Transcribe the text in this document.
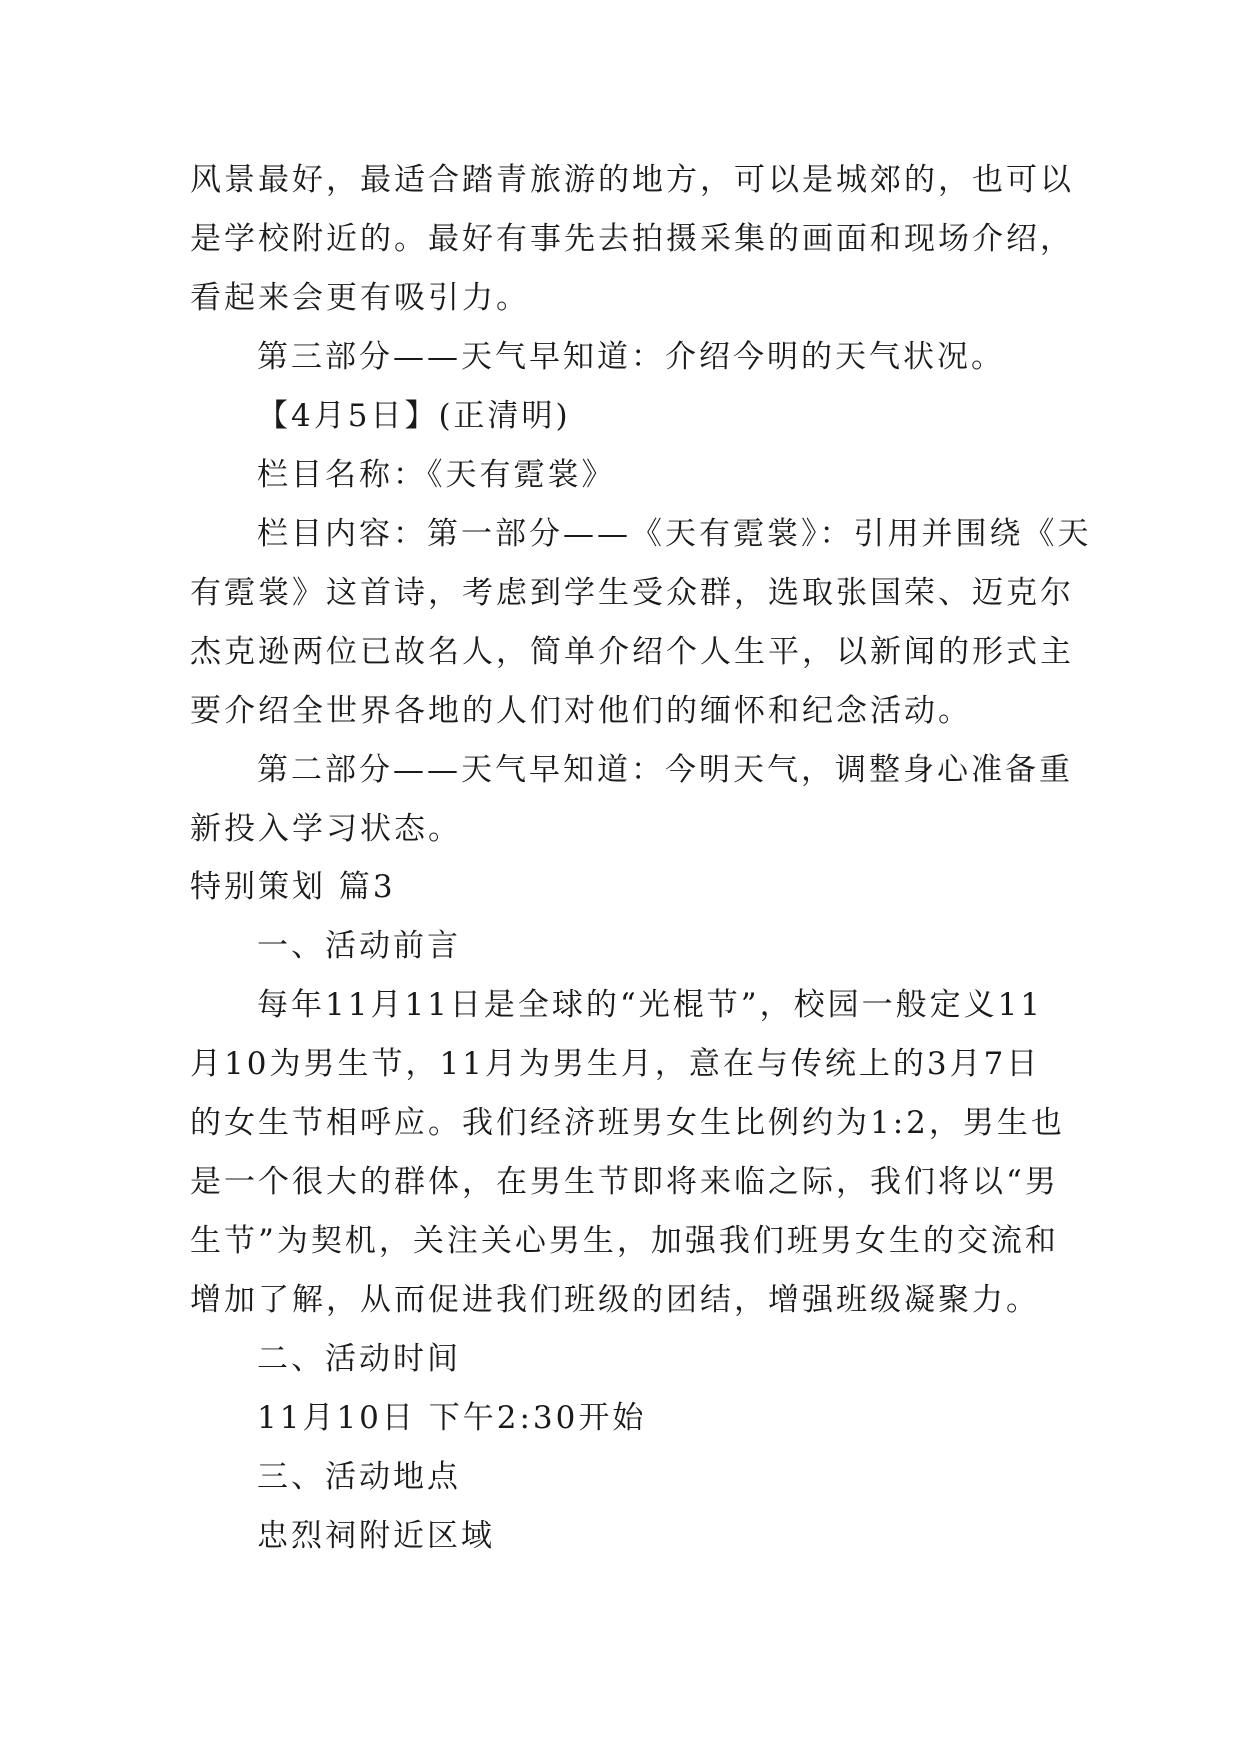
风景最好，最适合踏青旅游的地方，可以是城郊的，也可以
是学校附近的。最好有事先去拍摄采集的画面和现场介绍，
看起来会更有吸引力。
第三部分——天气早知道：介绍今明的天气状况。
【4月5日】(正清明)
栏目名称：《天有霓裳》
栏目内容：第一部分——《天有霓裳》：引用并围绕《天
有霓裳》这首诗，考虑到学生受众群，选取张国荣、迈克尔
杰克逊两位已故名人，简单介绍个人生平，以新闻的形式主
要介绍全世界各地的人们对他们的缅怀和纪念活动。
第二部分——天气早知道：今明天气，调整身心准备重
新投入学习状态。
特别策划 篇3
一、活动前言
每年11月11日是全球的“光棍节”，校园一般定义11
月10为男生节，11月为男生月，意在与传统上的3月7日
的女生节相呼应。我们经济班男女生比例约为1:2，男生也
是一个很大的群体，在男生节即将来临之际，我们将以“男
生节”为契机，关注关心男生，加强我们班男女生的交流和
增加了解，从而促进我们班级的团结，增强班级凝聚力。
二、活动时间
11月10日 下午2:30开始
三、活动地点
忠烈祠附近区域
